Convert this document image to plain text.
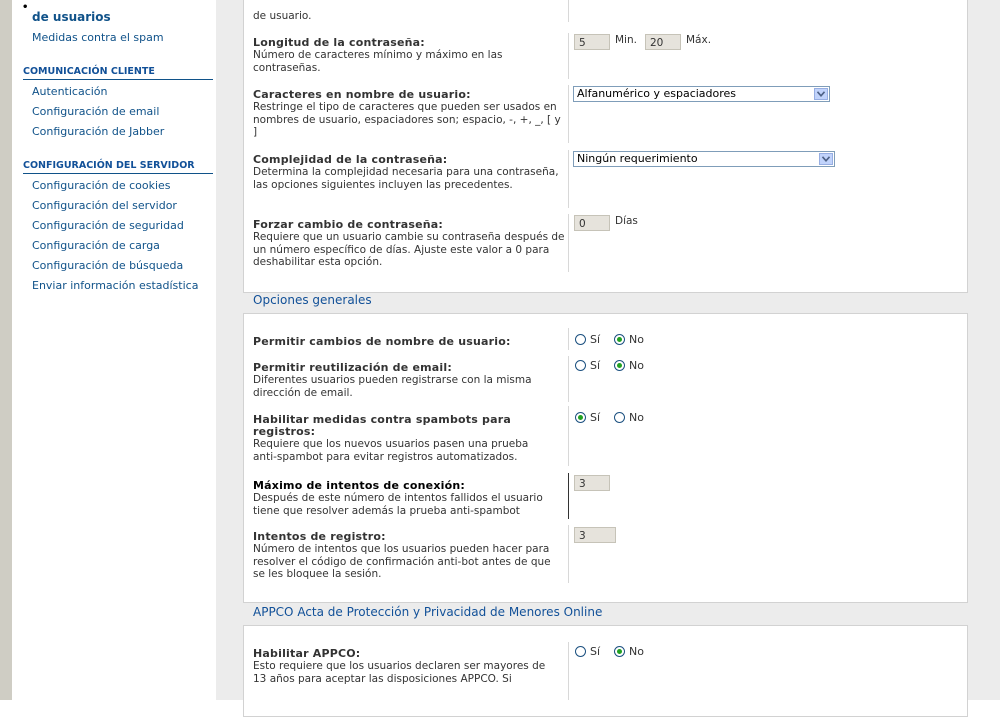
•
de usuarios
Medidas contra el spam
COMUNICACIÓN CLIENTE
Autenticación
Configuración de email
Configuración de Jabber
CONFIGURACIÓN DEL SERVIDOR
Configuración de cookies
Configuración del servidor
Configuración de seguridad
Configuración de carga
Configuración de búsqueda
Enviar información estadística
de usuario.
Longitud de la contraseña:
Número de caracteres mínimo y máximo en las contraseñas.
5	Min.	20	Máx.
Caracteres en nombre de usuario:
Restringe el tipo de caracteres que pueden ser usados en nombres de usuario, espaciadores son; espacio, -, +, _, [ y ]
Alfanumérico y espaciadores
Complejidad de la contraseña:
Determina la complejidad necesaria para una contraseña, las opciones siguientes incluyen las precedentes.
Ningún requerimiento
Forzar cambio de contraseña:
Requiere que un usuario cambie su contraseña después de un número específico de días. Ajuste este valor a 0 para deshabilitar esta opción.
0	Días
Opciones generales
Permitir cambios de nombre de usuario:	Sí	No
Permitir reutilización de email:
Diferentes usuarios pueden registrarse con la misma dirección de email.
Sí	No
Habilitar medidas contra spambots para registros:
Requiere que los nuevos usuarios pasen una prueba anti-spambot para evitar registros automatizados.
Sí	No
Máximo de intentos de conexión:
Después de este número de intentos fallidos el usuario tiene que resolver además la prueba anti-spambot
3
Intentos de registro:
Número de intentos que los usuarios pueden hacer para resolver el código de confirmación anti-bot antes de que se les bloquee la sesión.
3
APPCO Acta de Protección y Privacidad de Menores Online
Habilitar APPCO:
Esto requiere que los usuarios declaren ser mayores de 13 años para aceptar las disposiciones APPCO. Si
Sí	No
